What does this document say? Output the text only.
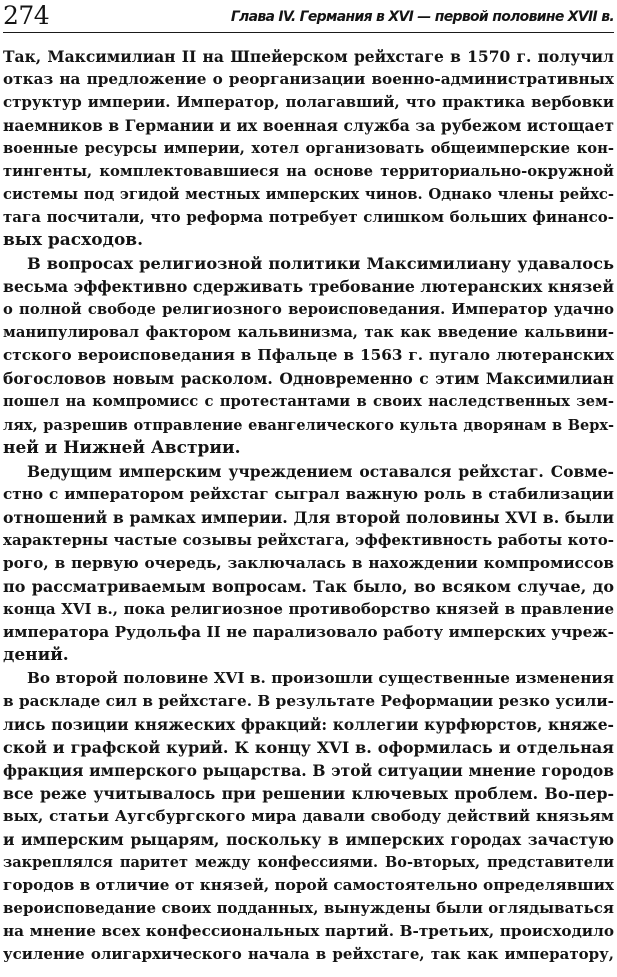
274	Глава IV. Германия в XVI — первой половине XVII в.
Так, Максимилиан II на Шпейерском рейхстаге в 1570 г. получил
отказ на предложение о реорганизации военно-административных
структур империи. Император, полагавший, что практика вербовки
наемников в Германии и их военная служба за рубежом истощает
военные ресурсы империи, хотел организовать общеимперские кон-
тингенты, комплектовавшиеся на основе территориально-окружной
системы под эгидой местных имперских чинов. Однако члены рейхс-
тага посчитали, что реформа потребует слишком больших финансо-
вых расходов.
В вопросах религиозной политики Максимилиану удавалось
весьма эффективно сдерживать требование лютеранских князей
о полной свободе религиозного вероисповедания. Император удачно
манипулировал фактором кальвинизма, так как введение кальвини-
стского вероисповедания в Пфальце в 1563 г. пугало лютеранских
богословов новым расколом. Одновременно с этим Максимилиан
пошел на компромисс с протестантами в своих наследственных зем-
лях, разрешив отправление евангелического культа дворянам в Верх-
ней и Нижней Австрии.
Ведущим имперским учреждением оставался рейхстаг. Совме-
стно с императором рейхстаг сыграл важную роль в стабилизации
отношений в рамках империи. Для второй половины XVI в. были
характерны частые созывы рейхстага, эффективность работы кото-
рого, в первую очередь, заключалась в нахождении компромиссов
по рассматриваемым вопросам. Так было, во всяком случае, до
конца XVI в., пока религиозное противоборство князей в правление
императора Рудольфа II не парализовало работу имперских учреж-
дений.
Во второй половине XVI в. произошли существенные изменения
в раскладе сил в рейхстаге. В результате Реформации резко усили-
лись позиции княжеских фракций: коллегии курфюрстов, княже-
ской и графской курий. К концу XVI в. оформилась и отдельная
фракция имперского рыцарства. В этой ситуации мнение городов
все реже учитывалось при решении ключевых проблем. Во-пер-
вых, статьи Аугсбургского мира давали свободу действий князьям
и имперским рыцарям, поскольку в имперских городах зачастую
закреплялся паритет между конфессиями. Во-вторых, представители
городов в отличие от князей, порой самостоятельно определявших
вероисповедание своих подданных, вынуждены были оглядываться
на мнение всех конфессиональных партий. В-третьих, происходило
усиление олигархического начала в рейхстаге, так как императору,
